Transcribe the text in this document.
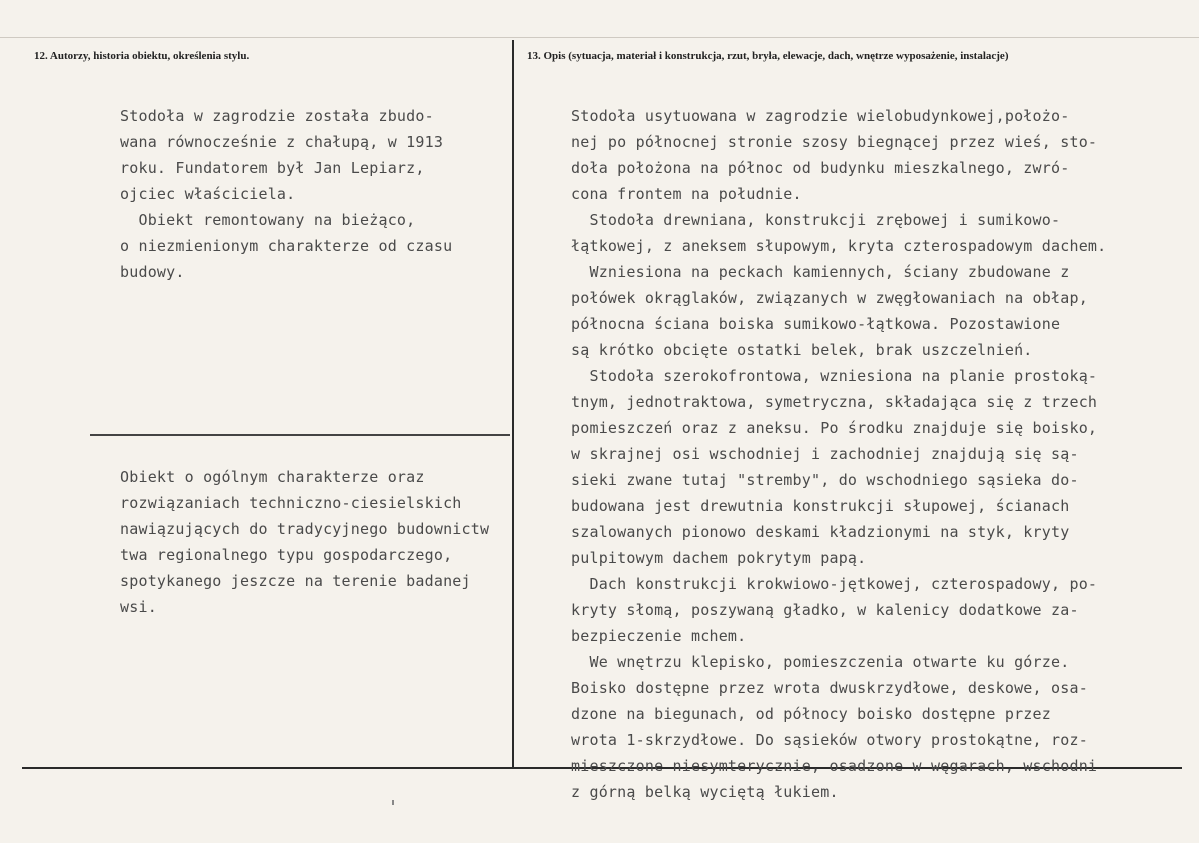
12. Autorzy, historia obiektu, określenia stylu.	13. Opis (sytuacja, materiał i konstrukcja, rzut, bryła, elewacje, dach, wnętrze wyposażenie, instalacje)
Stodoła w zagrodzie została zbudo-
wana równocześnie z chałupą, w 1913
roku. Fundatorem był Jan Lepiarz,
ojciec właściciela.
Obiekt remontowany na bieżąco,
o niezmienionym charakterze od czasu
budowy.
Obiekt o ogólnym charakterze oraz
rozwiązaniach techniczno-ciesielskich
nawiązujących do tradycyjnego budownictw
twa regionalnego typu gospodarczego,
spotykanego jeszcze na terenie badanej
wsi.
Stodoła usytuowana w zagrodzie wielobudynkowej,położo-
nej po północnej stronie szosy biegnącej przez wieś, sto-
doła położona na północ od budynku mieszkalnego, zwró-
cona frontem na południe.
Stodoła drewniana, konstrukcji zrębowej i sumikowo-
łątkowej, z aneksem słupowym, kryta czterospadowym dachem.
Wzniesiona na peckach kamiennych, ściany zbudowane z
połówek okrąglaków, związanych w zwęgłowaniach na obłap,
północna ściana boiska sumikowo-łątkowa. Pozostawione
są krótko obcięte ostatki belek, brak uszczelnień.
Stodoła szerokofrontowa, wzniesiona na planie prostoką-
tnym, jednotraktowa, symetryczna, składająca się z trzech
pomieszczeń oraz z aneksu. Po środku znajduje się boisko,
w skrajnej osi wschodniej i zachodniej znajdują się są-
sieki zwane tutaj "stremby", do wschodniego sąsieka do-
budowana jest drewutnia konstrukcji słupowej, ścianach
szalowanych pionowo deskami kładzionymi na styk, kryty
pulpitowym dachem pokrytym papą.
Dach konstrukcji krokwiowo-jętkowej, czterospadowy, po-
kryty słomą, poszywaną gładko, w kalenicy dodatkowe za-
bezpieczenie mchem.
We wnętrzu klepisko, pomieszczenia otwarte ku górze.
Boisko dostępne przez wrota dwuskrzydłowe, deskowe, osa-
dzone na biegunach, od północy boisko dostępne przez
wrota 1-skrzydłowe. Do sąsieków otwory prostokątne, roz-
mieszczone niesymterycznie, osadzone w węgarach, wschodni
z górną belką wyciętą łukiem.
